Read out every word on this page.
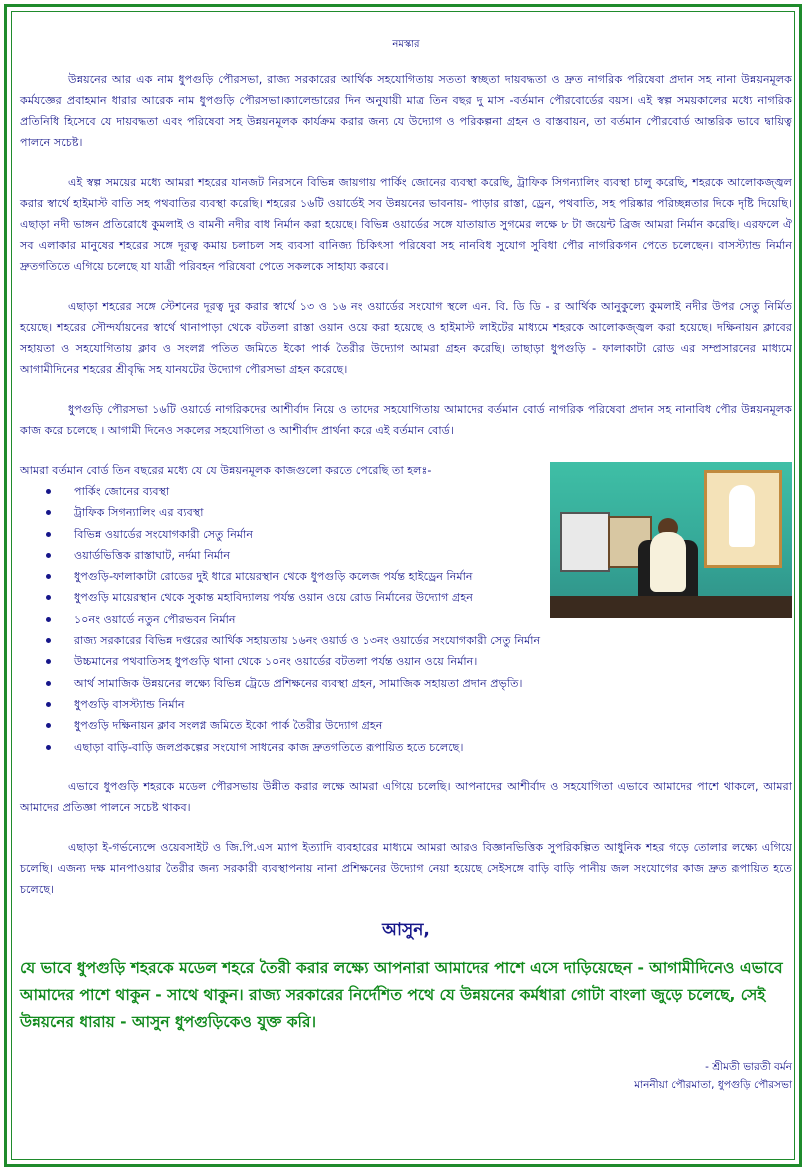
নমস্কার

উন্নয়নের আর এক নাম ধুপগুড়ি পৌরসভা, রাজ্য সরকারের আর্থিক সহযোগিতায় সততা স্বচ্ছতা দায়বদ্ধতা ও দ্রুত নাগরিক পরিষেবা প্রদান সহ নানা উন্নয়নমূলক কর্মযজ্ঞের প্রবাহমান ধারার আরেক নাম ধুপগুড়ি পৌরসভা।ক্যালেন্ডারের দিন অনুযায়ী মাত্র তিন বছর দু মাস -বর্তমান পৌরবোর্ডের বয়স। এই স্বল্প সময়কালের মধ্যে নাগরিক প্রতিনিধি হিসেবে যে দায়বদ্ধতা এবং পরিষেবা সহ উন্নয়নমূলক কার্যক্রম করার জন্য যে উদ্যোগ ও পরিকল্পনা গ্রহন ও বাস্তবায়ন, তা বর্তমান পৌরবোর্ড আন্তরিক ভাবে দ্বায়িত্ব পালনে সচেষ্ট।

এই স্বল্প সময়ের মধ্যে আমরা শহরের যানজট নিরসনে বিভিন্ন জায়গায় পার্কিং জোনের ব্যবস্থা করেছি, ট্রাফিক সিগন্যালিং ব্যবস্থা চালু করেছি, শহরকে আলোকজ্জ্বল করার স্বার্থে হাইমাস্ট বাতি সহ পথবাতির ব্যবস্থা করেছি। শহরের ১৬টি ওয়ার্ডেই সব উন্নয়নের ভাবনায়- পাড়ার রাস্তা, ড্রেন, পথবাতি, সহ পরিষ্কার পরিচ্ছন্নতার দিকে দৃষ্টি দিয়েছি। এছাড়া নদী ভাঙ্গন প্রতিরোধে কুমলাই ও বামনী নদীর বাধ নির্মান করা হয়েছে। বিভিন্ন ওয়ার্ডের সঙ্গে যাতায়াত সুগমের লক্ষে ৮ টা জয়েন্ট ব্রিজ আমরা নির্মান করেছি। এরফলে ঐ সব এলাকার মানুষের শহরের সঙ্গে দূরত্ব কমায় চলাচল সহ ব্যবসা বানিজ্য চিকিৎসা পরিষেবা সহ নানবিধ সুযোগ সুবিধা পৌর নাগরিকগন পেতে চলেছেন। বাসস্ট্যান্ড নির্মান দ্রুতগতিতে এগিয়ে চলেছে যা যাত্রী পরিবহন পরিষেবা পেতে সকলকে সাহায্য করবে।

এছাড়া শহরের সঙ্গে স্টেশনের দূরত্ব দুর করার স্বার্থে ১৩ ও ১৬ নং ওয়ার্ডের সংযোগ স্থলে এন. বি. ডি ডি - র আর্থিক আনুকুল্যে কুমলাই নদীর উপর সেতু নির্মিত হয়েছে। শহরের সৌন্দর্যায়নের স্বার্থে থানাপাড়া থেকে বটতলা রাস্তা ওয়ান ওয়ে করা হয়েছে ও হাইমাস্ট লাইটের মাধ্যমে শহরকে আলোকজ্জ্বল করা হয়েছে। দক্ষিনায়ন ক্লাবের সহায়তা ও সহযোগিতায় ক্লাব ও সংলগ্ন পতিত জমিতে ইকো পার্ক তৈরীর উদ্যোগ আমরা গ্রহন করেছি। তাছাড়া ধুপগুড়ি - ফালাকাটা রোড এর সম্প্রসারনের মাধ্যমে আগামীদিনের শহরের শ্রীবৃদ্ধি সহ যানযটের উদ্যোগ পৌরসভা গ্রহন করেছে।

ধুপগুড়ি পৌরসভা ১৬টি ওয়ার্ডে নাগরিকদের আশীর্বাদ নিয়ে ও তাদের সহযোগিতায় আমাদের বর্তমান বোর্ড নাগরিক পরিষেবা প্রদান সহ নানাবিধ পৌর উন্নয়নমূলক কাজ করে চলেছে । আগামী দিনেও সকলের সহযোগিতা ও আশীর্বাদ প্রার্থনা করে এই বর্তমান বোর্ড।

আমরা বর্তমান বোর্ড তিন বছরের মধ্যে যে যে উন্নয়নমূলক কাজগুলো করতে পেরেছি তা হলঃ-

পার্কিং জোনের ব্যবস্থা
ট্রাফিক সিগন্যালিং এর ব্যবস্থা
বিভিন্ন ওয়ার্ডের সংযোগকারী সেতু নির্মান
ওয়ার্ডভিত্তিক রাস্তাঘাট, নর্দমা নির্মান
ধুপগুড়ি-ফালাকাটা রোডের দুই ধারে মায়েরস্থান থেকে ধুপগুড়ি কলেজ পর্যন্ত হাইড্রেন নির্মান
ধুপগুড়ি মায়েরস্থান থেকে সুকান্ত মহাবিদ্যালয় পর্যন্ত ওয়ান ওয়ে রোড নির্মানের উদ্যোগ গ্রহন
১০নং ওয়ার্ডে নতুন পৌরভবন নির্মান
রাজ্য সরকারের বিভিন্ন দপ্তরের আর্থিক সহায়তায় ১৬নং ওয়ার্ড ও ১৩নং ওয়ার্ডের সংযোগকারী সেতু নির্মান
উচ্চমানের পথবাতিসহ ধুপগুড়ি থানা থেকে ১০নং ওয়ার্ডের বটতলা পর্যন্ত ওয়ান ওয়ে নির্মান।
আর্থ সামাজিক উন্নয়নের লক্ষ্যে বিভিন্ন ট্রেডে প্রশিক্ষনের ব্যবস্থা গ্রহন, সামাজিক সহায়তা প্রদান প্রভৃতি।
ধুপগুড়ি বাসস্ট্যান্ড নির্মান
ধুপগুড়ি দক্ষিনায়ন ক্লাব সংলগ্ন জমিতে ইকো পার্ক তৈরীর উদ্যোগ গ্রহন
এছাড়া বাড়ি-বাড়ি জলপ্রকল্পের সংযোগ সাধনের কাজ দ্রুতগতিতে রূপায়িত হতে চলেছে।

এভাবে ধুপগুড়ি শহরকে মডেল পৌরসভায় উন্নীত করার লক্ষে আমরা এগিয়ে চলেছি। আপনাদের আশীর্বাদ ও সহযোগিতা এভাবে আমাদের পাশে থাকলে, আমরা আমাদের প্রতিজ্ঞা পালনে সচেষ্ট থাকব।

এছাড়া ই-গর্ভন্যেন্সে ওয়েবসাইট ও জি.পি.এস ম্যাপ ইত্যাদি ব্যবহারের মাধ্যমে আমরা আরও বিজ্ঞানভিত্তিক সুপরিকল্পিত আধুনিক শহর গড়ে তোলার লক্ষ্যে এগিয়ে চলেছি। এজন্য দক্ষ মানপাওয়ার তৈরীর জন্য সরকারী ব্যবস্থাপনায় নানা প্রশিক্ষনের উদ্যোগ নেয়া হয়েছে সেইসঙ্গে বাড়ি বাড়ি পানীয় জল সংযোগের কাজ দ্রুত রূপায়িত হতে চলেছে।

আসুন,

যে ভাবে ধুপগুড়ি শহরকে মডেল শহরে তৈরী করার লক্ষ্যে আপনারা আমাদের পাশে এসে দাড়িয়েছেন - আগামীদিনেও এভাবে আমাদের পাশে থাকুন - সাথে থাকুন। রাজ্য সরকারের নির্দেশিত পথে যে উন্নয়নের কর্মধারা গোটা বাংলা জুড়ে চলেছে, সেই উন্নয়নের ধারায় - আসুন ধুপগুড়িকেও যুক্ত করি।

- শ্রীমতী ভারতী বর্মন
মাননীয়া পৌরমাতা, ধুপগুড়ি পৌরসভা
